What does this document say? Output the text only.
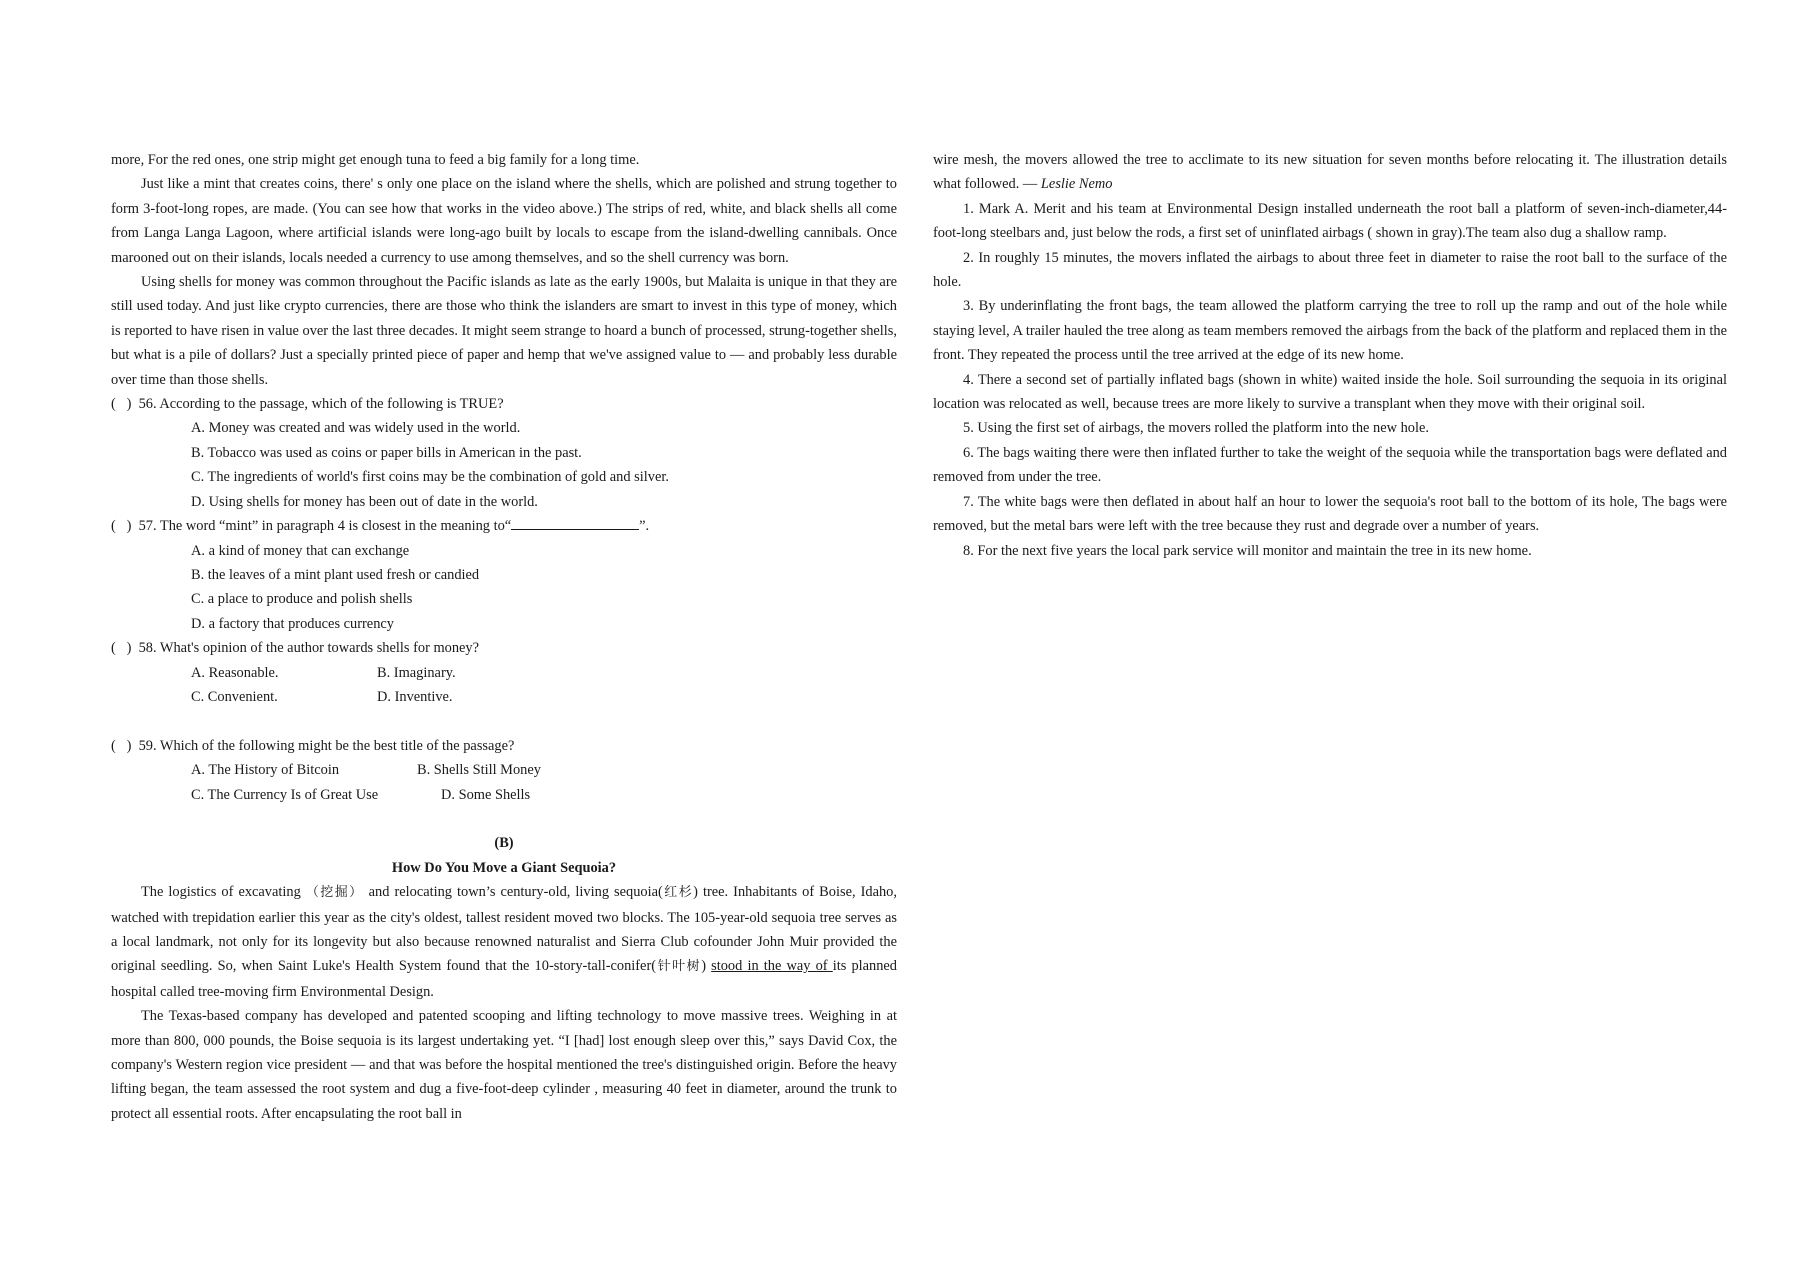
more, For the red ones, one strip might get enough tuna to feed a big family for a long time.

Just like a mint that creates coins, there' s only one place on the island where the shells, which are polished and strung together to form 3-foot-long ropes, are made. (You can see how that works in the video above.) The strips of red, white, and black shells all come from Langa Langa Lagoon, where artificial islands were long-ago built by locals to escape from the island-dwelling cannibals. Once marooned out on their islands, locals needed a currency to use among themselves, and so the shell currency was born.

Using shells for money was common throughout the Pacific islands as late as the early 1900s, but Malaita is unique in that they are still used today. And just like crypto currencies, there are those who think the islanders are smart to invest in this type of money, which is reported to have risen in value over the last three decades. It might seem strange to hoard a bunch of processed, strung-together shells, but what is a pile of dollars? Just a specially printed piece of paper and hemp that we've assigned value to — and probably less durable over time than those shells.

(   )  56. According to the passage, which of the following is TRUE?

A. Money was created and was widely used in the world.

B. Tobacco was used as coins or paper bills in American in the past.

C. The ingredients of world's first coins may be the combination of gold and silver.

D. Using shells for money has been out of date in the world.

(   )  57. The word “mint” in paragraph 4 is closest in the meaning to“	”.

A. a kind of money that can exchange

B. the leaves of a mint plant used fresh or candied

C. a place to produce and polish shells

D. a factory that produces currency

(   )  58. What's opinion of the author towards shells for money?

A. Reasonable.	B. Imaginary.
C. Convenient.	D. Inventive.

(   )  59. Which of the following might be the best title of the passage?

A. The History of Bitcoin	B. Shells Still Money
C. The Currency Is of Great Use	D. Some Shells

(B)

How Do You Move a Giant Sequoia?

The logistics of excavating （挖掘） and relocating town’s century-old, living sequoia(红杉) tree. Inhabitants of Boise, Idaho, watched with trepidation earlier this year as the city's oldest, tallest resident moved two blocks. The 105-year-old sequoia tree serves as a local landmark, not only for its longevity but also because renowned naturalist and Sierra Club cofounder John Muir provided the original seedling. So, when Saint Luke's Health System found that the 10-story-tall-conifer(针叶树) stood in the way of its planned hospital called tree-moving firm Environmental Design.

The Texas-based company has developed and patented scooping and lifting technology to move massive trees. Weighing in at more than 800, 000 pounds, the Boise sequoia is its largest undertaking yet. “I [had] lost enough sleep over this,” says David Cox, the company's Western region vice president — and that was before the hospital mentioned the tree's distinguished origin. Before the heavy lifting began, the team assessed the root system and dug a five-foot-deep cylinder , measuring 40 feet in diameter, around the trunk to protect all essential roots. After encapsulating the root ball in

wire mesh, the movers allowed the tree to acclimate to its new situation for seven months before relocating it. The illustration details what followed. — Leslie Nemo

1. Mark A. Merit and his team at Environmental Design installed underneath the root ball a platform of seven-inch-diameter,44-foot-long steelbars and, just below the rods, a first set of uninflated airbags ( shown in gray).The team also dug a shallow ramp.

2. In roughly 15 minutes, the movers inflated the airbags to about three feet in diameter to raise the root ball to the surface of the hole.

3. By underinflating the front bags, the team allowed the platform carrying the tree to roll up the ramp and out of the hole while staying level, A trailer hauled the tree along as team members removed the airbags from the back of the platform and replaced them in the front. They repeated the process until the tree arrived at the edge of its new home.

4. There a second set of partially inflated bags (shown in white) waited inside the hole. Soil surrounding the sequoia in its original location was relocated as well, because trees are more likely to survive a transplant when they move with their original soil.

5. Using the first set of airbags, the movers rolled the platform into the new hole.

6. The bags waiting there were then inflated further to take the weight of the sequoia while the transportation bags were deflated and removed from under the tree.

7. The white bags were then deflated in about half an hour to lower the sequoia's root ball to the bottom of its hole, The bags were removed, but the metal bars were left with the tree because they rust and degrade over a number of years.

8. For the next five years the local park service will monitor and maintain the tree in its new home.
